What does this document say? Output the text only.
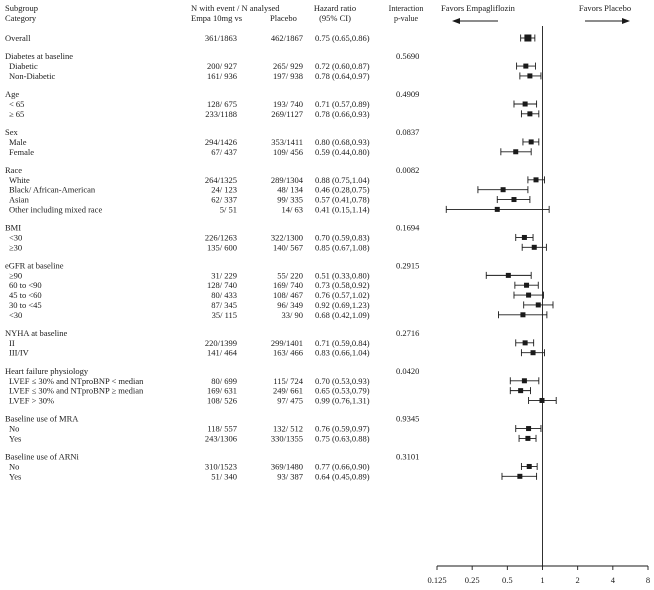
Subgroup
Category
N with event / N analysed
Empa 10mg vs	Placebo
Hazard ratio
(95% CI)
Interaction
p-value
Favors Empagliflozin	Favors Placebo
Overall	361/1863	462/1867 0.75 (0.65,0.86)
Diabetes at baseline	0.5690
Diabetic	200/ 927	265/ 929 0.72 (0.60,0.87)
Non-Diabetic	161/ 936	197/ 938 0.78 (0.64,0.97)
Age	0.4909
< 65	128/ 675	193/ 740 0.71 (0.57,0.89)
≥ 65	233/1188	269/1127 0.78 (0.66,0.93)
Sex	0.0837
Male	294/1426	353/1411 0.80 (0.68,0.93)
Female	67/ 437	109/ 456 0.59 (0.44,0.80)
Race	0.0082
White	264/1325	289/1304 0.88 (0.75,1.04)
Black/ African-American	24/ 123	48/ 134 0.46 (0.28,0.75)
Asian	62/ 337	99/ 335 0.57 (0.41,0.78)
Other including mixed race	5/ 51	14/ 63 0.41 (0.15,1.14)
BMI	0.1694
<30	226/1263	322/1300 0.70 (0.59,0.83)
≥30	135/ 600	140/ 567 0.85 (0.67,1.08)
eGFR at baseline	0.2915
≥90	31/ 229	55/ 220 0.51 (0.33,0.80)
60 to <90	128/ 740	169/ 740 0.73 (0.58,0.92)
45 to <60	80/ 433	108/ 467 0.76 (0.57,1.02)
30 to <45	87/ 345	96/ 349 0.92 (0.69,1.23)
<30	35/ 115	33/ 90 0.68 (0.42,1.09)
NYHA at baseline	0.2716
II	220/1399	299/1401 0.71 (0.59,0.84)
III/IV	141/ 464	163/ 466 0.83 (0.66,1.04)
Heart failure physiology	0.0420
LVEF ≤ 30% and NTproBNP < median	80/ 699	115/ 724 0.70 (0.53,0.93)
LVEF ≤ 30% and NTproBNP ≥ median	169/ 631	249/ 661 0.65 (0.53,0.79)
LVEF > 30%	108/ 526	97/ 475 0.99 (0.76,1.31)
Baseline use of MRA	0.9345
No	118/ 557	132/ 512 0.76 (0.59,0.97)
Yes	243/1306	330/1355 0.75 (0.63,0.88)
Baseline use of ARNi	0.3101
No	310/1523	369/1480 0.77 (0.66,0.90)
Yes	51/ 340	93/ 387 0.64 (0.45,0.89)
0.125 0.25	0.5	1	2	4	8
